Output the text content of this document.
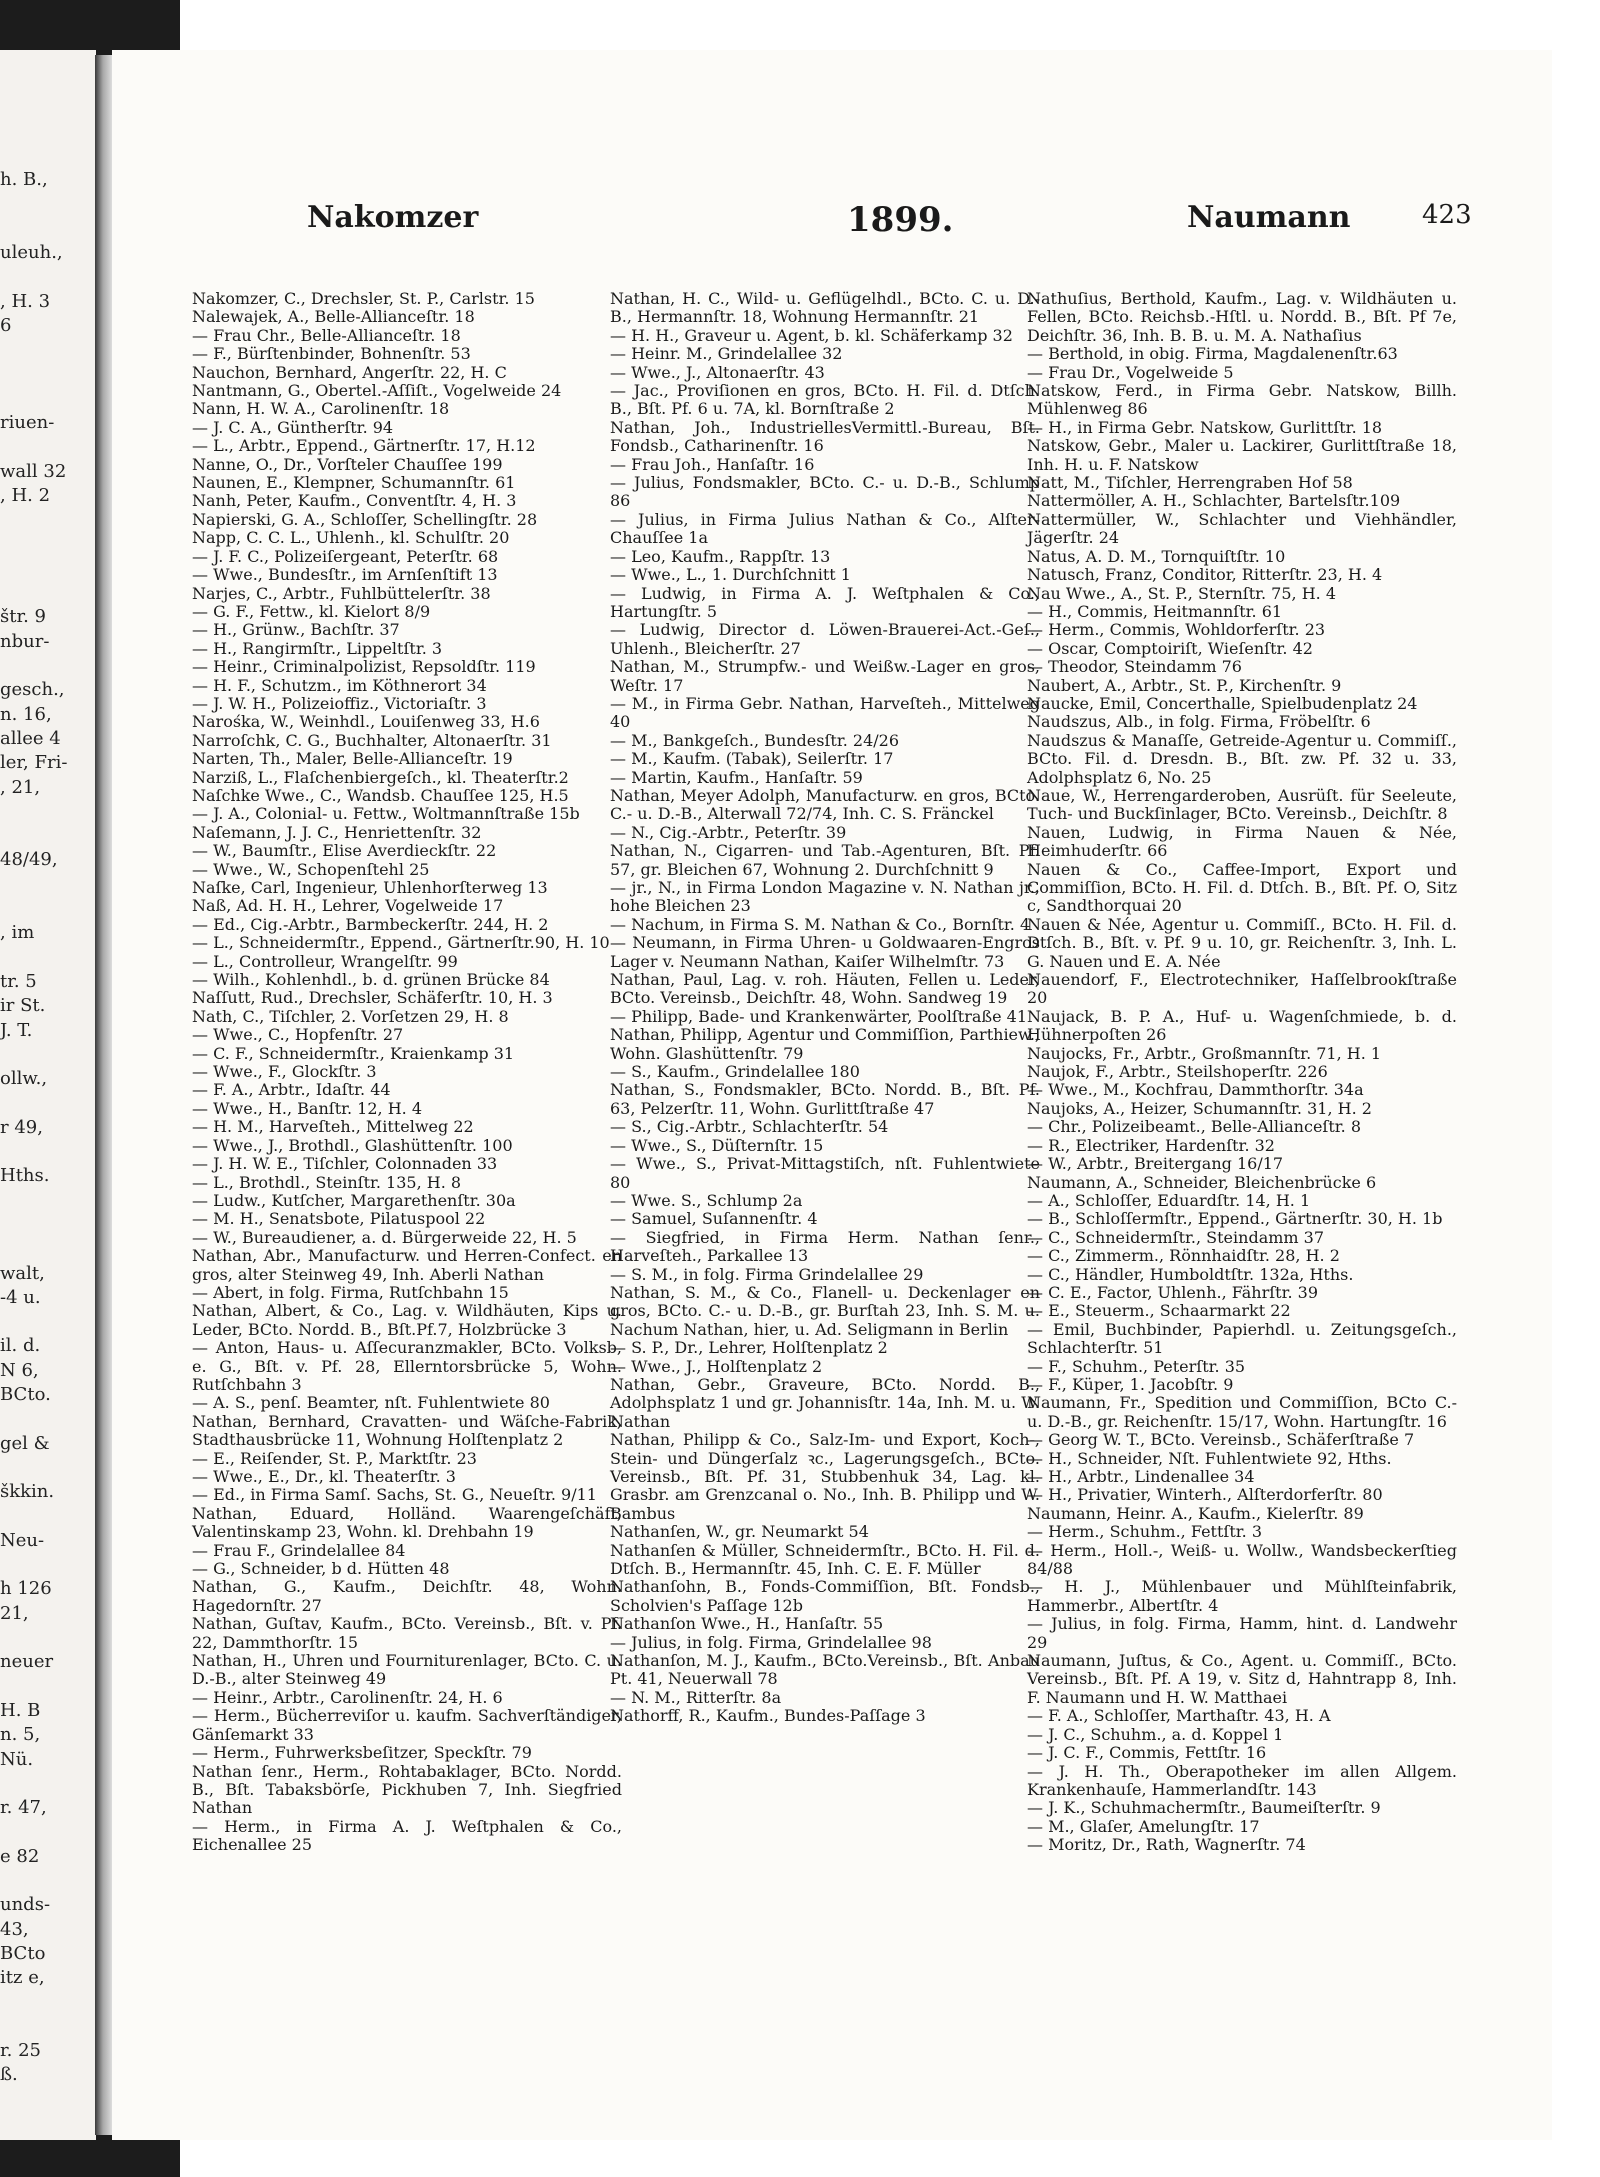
h. B.,
uleuh.,
, H. 3
6
riuen-
wall 32
, H. 2
štr. 9
nbur-
gesch.,
n. 16,
allee 4
ler, Fri-
, 21,
48/49,
, im
tr. 5
ir St.
J. T.
ollw.,
r 49,
Hths.
walt,
-4 u.
il. d.
N 6,
BCto.
gel &
škkin.
Neu-
h 126
21,
neuer
H. B
n. 5,
Nü.
r. 47,
e 82
unds-
43,
BCto
itz e,
r. 25
ß.
Nakomzer	1899.	Naumann	423

Nakomzer, C., Drechsler, St. P., Carlstr. 15

Nalewajek, A., Belle-Allianceſtr. 18

— Frau Chr., Belle-Allianceſtr. 18

— F., Bürſtenbinder, Bohnenſtr. 53

Nauchon, Bernhard, Angerſtr. 22, H. C

Nantmann, G., Obertel.-Aſſiſt., Vogelweide 24

Nann, H. W. A., Carolinenſtr. 18

— J. C. A., Güntherſtr. 94

— L., Arbtr., Eppend., Gärtnerſtr. 17, H.12

Nanne, O., Dr., Vorſteler Chauſſee 199

Naunen, E., Klempner, Schumannſtr. 61

Nanh, Peter, Kaufm., Conventſtr. 4, H. 3

Napierski, G. A., Schloſſer, Schellingſtr. 28

Napp, C. C. L., Uhlenh., kl. Schulſtr. 20

— J. F. C., Polizeiſergeant, Peterſtr. 68

— Wwe., Bundesſtr., im Arnſenſtift 13

Narjes, C., Arbtr., Fuhlbüttelerſtr. 38

— G. F., Fettw., kl. Kielort 8/9

— H., Grünw., Bachſtr. 37

— H., Rangirmſtr., Lippeltſtr. 3

— Heinr., Criminalpolizist, Repsoldſtr. 119

— H. F., Schutzm., im Köthnerort 34

— J. W. H., Polizeioffiz., Victoriaſtr. 3

Narośka, W., Weinhdl., Louiſenweg 33, H.6

Narroſchk, C. G., Buchhalter, Altonaerſtr. 31

Narten, Th., Maler, Belle-Allianceſtr. 19

Narziß, L., Flaſchenbiergeſch., kl. Theaterſtr.2

Naſchke Wwe., C., Wandsb. Chauſſee 125, H.5

— J. A., Colonial- u. Fettw., Woltmannſtraße 15b

Naſemann, J. J. C., Henriettenſtr. 32

— W., Baumſtr., Elise Averdieckſtr. 22

— Wwe., W., Schopenſtehl 25

Naſke, Carl, Ingenieur, Uhlenhorſterweg 13

Naß, Ad. H. H., Lehrer, Vogelweide 17

— Ed., Cig.-Arbtr., Barmbeckerſtr. 244, H. 2

— L., Schneidermſtr., Eppend., Gärtnerſtr.90, H. 10

— L., Controlleur, Wrangelſtr. 99

— Wilh., Kohlenhdl., b. d. grünen Brücke 84

Naſſutt, Rud., Drechsler, Schäferſtr. 10, H. 3

Nath, C., Tiſchler, 2. Vorſetzen 29, H. 8

— Wwe., C., Hopfenſtr. 27

— C. F., Schneidermſtr., Kraienkamp 31

— Wwe., F., Glockſtr. 3

— F. A., Arbtr., Idaſtr. 44

— Wwe., H., Banſtr. 12, H. 4

— H. M., Harveſteh., Mittelweg 22

— Wwe., J., Brothdl., Glashüttenſtr. 100

— J. H. W. E., Tiſchler, Colonnaden 33

— L., Brothdl., Steinſtr. 135, H. 8

— Ludw., Kutſcher, Margarethenſtr. 30a

— M. H., Senatsbote, Pilatuspool 22

— W., Bureaudiener, a. d. Bürgerweide 22, H. 5

Nathan, Abr., Manufacturw. und Herren-Confect. en gros, alter Steinweg 49, Inh. Aberli Nathan

— Abert, in folg. Firma, Rutſchbahn 15

Nathan, Albert, & Co., Lag. v. Wildhäuten, Kips u. Leder, BCto. Nordd. B., Bſt.Pf.7, Holzbrücke 3

— Anton, Haus- u. Aſſecuranzmakler, BCto. Volksb, e. G., Bſt. v. Pf. 28, Ellerntorsbrücke 5, Wohn. Rutſchbahn 3

— A. S., penſ. Beamter, nſt. Fuhlentwiete 80

Nathan, Bernhard, Cravatten- und Wäſche-Fabrik, Stadthausbrücke 11, Wohnung Holſtenplatz 2

— E., Reiſender, St. P., Marktſtr. 23

— Wwe., E., Dr., kl. Theaterſtr. 3

— Ed., in Firma Samſ. Sachs, St. G., Neueſtr. 9/11

Nathan, Eduard, Holländ. Waarengeſchäft, Valentinskamp 23, Wohn. kl. Drehbahn 19

— Frau F., Grindelallee 84

— G., Schneider, b d. Hütten 48

Nathan, G., Kaufm., Deichſtr. 48, Wohn. Hagedornſtr. 27

Nathan, Guſtav, Kaufm., BCto. Vereinsb., Bſt. v. Pf. 22, Dammthorſtr. 15

Nathan, H., Uhren und Fourniturenlager, BCto. C. u. D.-B., alter Steinweg 49

— Heinr., Arbtr., Carolinenſtr. 24, H. 6

— Herm., Bücherreviſor u. kaufm. Sachverſtändiger, Gänſemarkt 33

— Herm., Fuhrwerksbeſitzer, Speckſtr. 79

Nathan ſenr., Herm., Rohtabaklager, BCto. Nordd. B., Bſt. Tabaksbörſe, Pickhuben 7, Inh. Siegfried Nathan

— Herm., in Firma A. J. Weſtphalen & Co., Eichenallee 25

Nathan, H. C., Wild- u. Geflügelhdl., BCto. C. u. D.-B., Hermannſtr. 18, Wohnung Hermannſtr. 21

— H. H., Graveur u. Agent, b. kl. Schäferkamp 32

— Heinr. M., Grindelallee 32

— Wwe., J., Altonaerſtr. 43

— Jac., Proviſionen en gros, BCto. H. Fil. d. Dtſch. B., Bſt. Pf. 6 u. 7A, kl. Bornſtraße 2

Nathan, Joh., IndustriellesVermittl.-Bureau, Bſt. Fondsb., Catharinenſtr. 16

— Frau Joh., Hanſaſtr. 16

— Julius, Fondsmakler, BCto. C.- u. D.-B., Schlump 86

— Julius, in Firma Julius Nathan & Co., Alſter-Chauſſee 1a

— Leo, Kaufm., Rappſtr. 13

— Wwe., L., 1. Durchſchnitt 1

— Ludwig, in Firma A. J. Weſtphalen & Co., Hartungſtr. 5

— Ludwig, Director d. Löwen-Brauerei-Act.-Geſ., Uhlenh., Bleicherſtr. 27

Nathan, M., Strumpfw.- und Weißw.-Lager en gros, Weſtr. 17

— M., in Firma Gebr. Nathan, Harveſteh., Mittelweg 40

— M., Bankgeſch., Bundesſtr. 24/26

— M., Kaufm. (Tabak), Seilerſtr. 17

— Martin, Kaufm., Hanſaſtr. 59

Nathan, Meyer Adolph, Manufacturw. en gros, BCto. C.- u. D.-B., Alterwall 72/74, Inh. C. S. Fränckel

— N., Cig.-Arbtr., Peterſtr. 39

Nathan, N., Cigarren- und Tab.-Agenturen, Bſt. Pf. 57, gr. Bleichen 67, Wohnung 2. Durchſchnitt 9

— jr., N., in Firma London Magazine v. N. Nathan jr., hohe Bleichen 23

— Nachum, in Firma S. M. Nathan & Co., Bornſtr. 4

— Neumann, in Firma Uhren- u Goldwaaren-Engros Lager v. Neumann Nathan, Kaiſer Wilhelmſtr. 73

Nathan, Paul, Lag. v. roh. Häuten, Fellen u. Leder, BCto. Vereinsb., Deichſtr. 48, Wohn. Sandweg 19

— Philipp, Bade- und Krankenwärter, Poolſtraße 41

Nathan, Philipp, Agentur und Commiſſion, Parthiew., Wohn. Glashüttenſtr. 79

— S., Kaufm., Grindelallee 180

Nathan, S., Fondsmakler, BCto. Nordd. B., Bſt. Pf. 63, Pelzerſtr. 11, Wohn. Gurlittſtraße 47

— S., Cig.-Arbtr., Schlachterſtr. 54

— Wwe., S., Düſternſtr. 15

— Wwe., S., Privat-Mittagstiſch, nſt. Fuhlentwiete 80

— Wwe. S., Schlump 2a

— Samuel, Suſannenſtr. 4

— Siegfried, in Firma Herm. Nathan ſenr., Harveſteh., Parkallee 13

— S. M., in folg. Firma Grindelallee 29

Nathan, S. M., & Co., Flanell- u. Deckenlager en gros, BCto. C.- u. D.-B., gr. Burſtah 23, Inh. S. M. u. Nachum Nathan, hier, u. Ad. Seligmann in Berlin

— S. P., Dr., Lehrer, Holſtenplatz 2

— Wwe., J., Holſtenplatz 2

Nathan, Gebr., Graveure, BCto. Nordd. B., Adolphsplatz 1 und gr. Johannisſtr. 14a, Inh. M. u. W. Nathan

Nathan, Philipp & Co., Salz-Im- und Export, Koch-, Stein- und Düngerſalz ꝛc., Lagerungsgeſch., BCto. Vereinsb., Bſt. Pf. 31, Stubbenhuk 34, Lag. kl. Grasbr. am Grenzcanal o. No., Inh. B. Philipp und W. Bambus

Nathanſen, W., gr. Neumarkt 54

Nathanſen & Müller, Schneidermſtr., BCto. H. Fil. d. Dtſch. B., Hermannſtr. 45, Inh. C. E. F. Müller

Nathanſohn, B., Fonds-Commiſſion, Bſt. Fondsb., Scholvien's Paſſage 12b

Nathanſon Wwe., H., Hanſaſtr. 55

— Julius, in folg. Firma, Grindelallee 98

Nathanſon, M. J., Kaufm., BCto.Vereinsb., Bſt. Anbau Pt. 41, Neuerwall 78

— N. M., Ritterſtr. 8a

Nathorff, R., Kaufm., Bundes-Paſſage 3

Nathuſius, Berthold, Kaufm., Lag. v. Wildhäuten u. Fellen, BCto. Reichsb.-Hſtl. u. Nordd. B., Bſt. Pf 7e, Deichſtr. 36, Inh. B. B. u. M. A. Nathaſius

— Berthold, in obig. Firma, Magdalenenſtr.63

— Frau Dr., Vogelweide 5

Natskow, Ferd., in Firma Gebr. Natskow, Billh. Mühlenweg 86

— H., in Firma Gebr. Natskow, Gurlittſtr. 18

Natskow, Gebr., Maler u. Lackirer, Gurlittſtraße 18, Inh. H. u. F. Natskow

Natt, M., Tiſchler, Herrengraben Hof 58

Nattermöller, A. H., Schlachter, Bartelsſtr.109

Nattermüller, W., Schlachter und Viehhändler, Jägerſtr. 24

Natus, A. D. M., Tornquiſtſtr. 10

Natusch, Franz, Conditor, Ritterſtr. 23, H. 4

Nau Wwe., A., St. P., Sternſtr. 75, H. 4

— H., Commis, Heitmannſtr. 61

— Herm., Commis, Wohldorferſtr. 23

— Oscar, Comptoiriſt, Wieſenſtr. 42

— Theodor, Steindamm 76

Naubert, A., Arbtr., St. P., Kirchenſtr. 9

Naucke, Emil, Concerthalle, Spielbudenplatz 24

Naudszus, Alb., in folg. Firma, Fröbelſtr. 6

Naudszus & Manaſſe, Getreide-Agentur u. Commiſſ., BCto. Fil. d. Dresdn. B., Bſt. zw. Pf. 32 u. 33, Adolphsplatz 6, No. 25

Naue, W., Herrengarderoben, Ausrüſt. für Seeleute, Tuch- und Buckſinlager, BCto. Vereinsb., Deichſtr. 8

Nauen, Ludwig, in Firma Nauen & Née, Heimhuderſtr. 66

Nauen & Co., Caffee-Import, Export und Commiſſion, BCto. H. Fil. d. Dtſch. B., Bſt. Pf. O, Sitz c, Sandthorquai 20

Nauen & Née, Agentur u. Commiſſ., BCto. H. Fil. d. Dtſch. B., Bſt. v. Pf. 9 u. 10, gr. Reichenſtr. 3, Inh. L. G. Nauen und E. A. Née

Nauendorf, F., Electrotechniker, Haſſelbrookſtraße 20

Naujack, B. P. A., Huf- u. Wagenſchmiede, b. d. Hühnerpoſten 26

Naujocks, Fr., Arbtr., Großmannſtr. 71, H. 1

Naujok, F., Arbtr., Steilshoperſtr. 226

— Wwe., M., Kochfrau, Dammthorſtr. 34a

Naujoks, A., Heizer, Schumannſtr. 31, H. 2

— Chr., Polizeibeamt., Belle-Allianceſtr. 8

— R., Electriker, Hardenſtr. 32

— W., Arbtr., Breitergang 16/17

Naumann, A., Schneider, Bleichenbrücke 6

— A., Schloſſer, Eduardſtr. 14, H. 1

— B., Schloſſermſtr., Eppend., Gärtnerſtr. 30, H. 1b

— C., Schneidermſtr., Steindamm 37

— C., Zimmerm., Rönnhaidſtr. 28, H. 2

— C., Händler, Humboldtſtr. 132a, Hths.

— C. E., Factor, Uhlenh., Fährſtr. 39

— E., Steuerm., Schaarmarkt 22

— Emil, Buchbinder, Papierhdl. u. Zeitungsgeſch., Schlachterſtr. 51

— F., Schuhm., Peterſtr. 35

— F., Küper, 1. Jacobſtr. 9

Naumann, Fr., Spedition und Commiſſion, BCto C.- u. D.-B., gr. Reichenſtr. 15/17, Wohn. Hartungſtr. 16

— Georg W. T., BCto. Vereinsb., Schäferſtraße 7

— H., Schneider, Nſt. Fuhlentwiete 92, Hths.

— H., Arbtr., Lindenallee 34

— H., Privatier, Winterh., Alſterdorferſtr. 80

Naumann, Heinr. A., Kaufm., Kielerſtr. 89

— Herm., Schuhm., Fettſtr. 3

— Herm., Holl.-, Weiß- u. Wollw., Wandsbeckerſtieg 84/88

— H. J., Mühlenbauer und Mühlſteinfabrik, Hammerbr., Albertſtr. 4

— Julius, in folg. Firma, Hamm, hint. d. Landwehr 29

Naumann, Juſtus, & Co., Agent. u. Commiſſ., BCto. Vereinsb., Bſt. Pf. A 19, v. Sitz d, Hahntrapp 8, Inh. F. Naumann und H. W. Matthaei

— F. A., Schloſſer, Marthaſtr. 43, H. A

— J. C., Schuhm., a. d. Koppel 1

— J. C. F., Commis, Fettſtr. 16

— J. H. Th., Oberapotheker im allen Allgem. Krankenhauſe, Hammerlandſtr. 143

— J. K., Schuhmachermſtr., Baumeiſterſtr. 9

— M., Glaſer, Amelungſtr. 17

— Moritz, Dr., Rath, Wagnerſtr. 74
